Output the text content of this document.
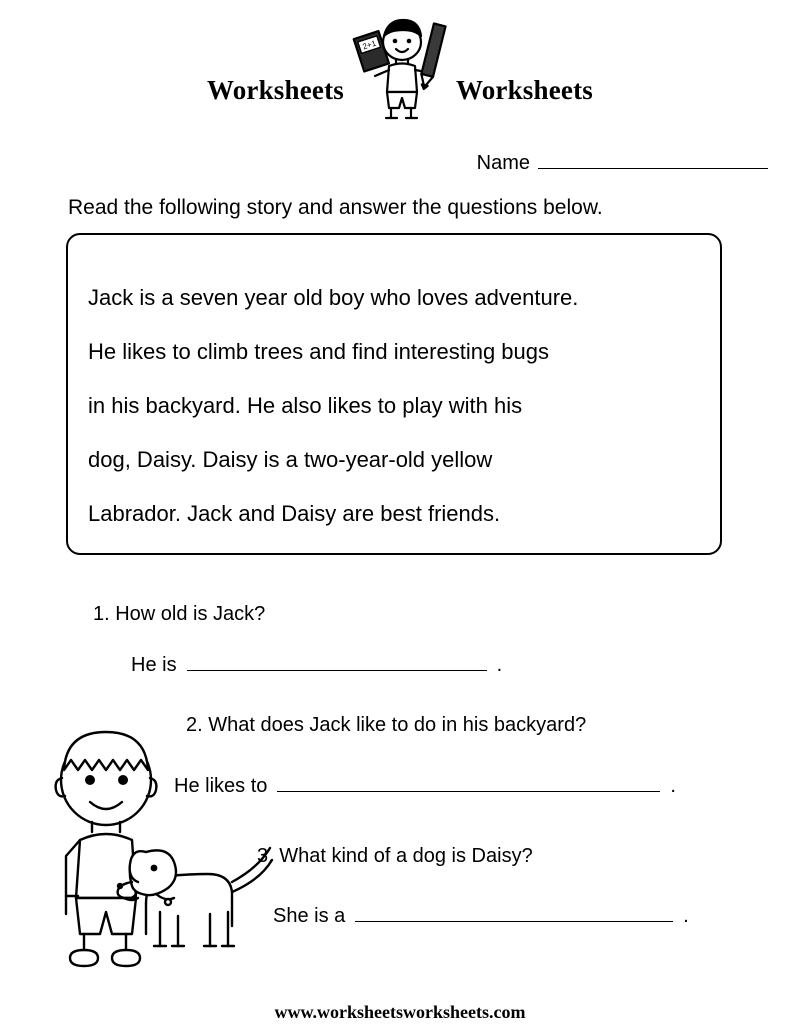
Worksheets
2+1
Worksheets
Name
Read the following story and answer the questions below.
Jack is a seven year old boy who loves adventure.
He likes to climb trees and find interesting bugs
in his backyard. He also likes to play with his
dog, Daisy. Daisy is a two-year-old yellow
Labrador. Jack and Daisy are best friends.
1. How old is Jack?
He is	.
2. What does Jack like to do in his backyard?
He likes to	.
3. What kind of a dog is Daisy?
She is a	.
www.worksheetsworksheets.com
